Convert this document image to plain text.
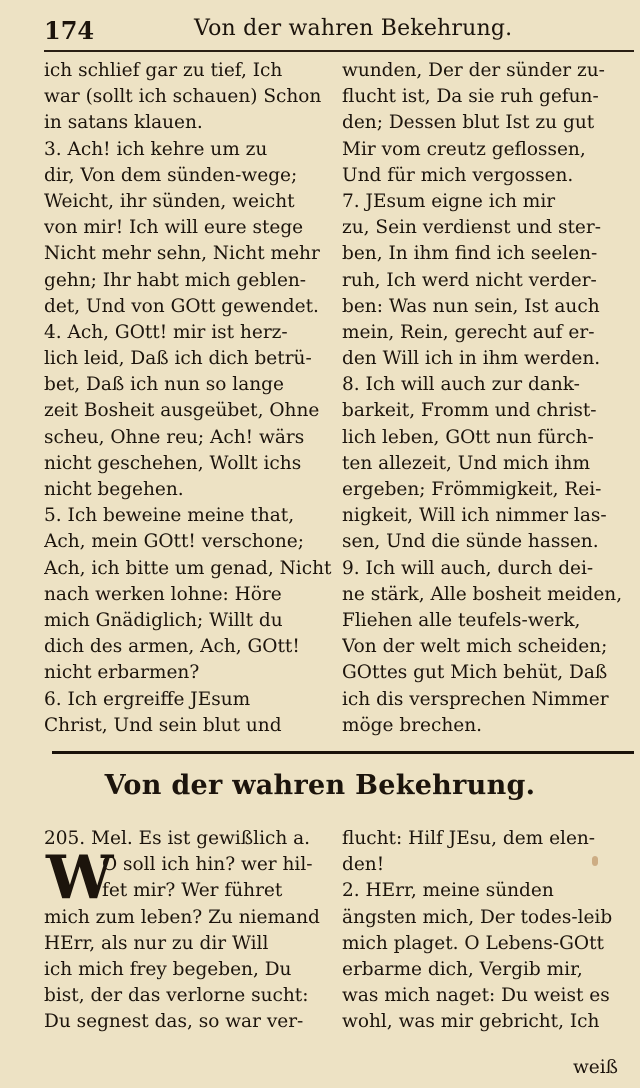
174	Von der wahren Bekehrung.
ich schlief gar zu tief, Ich
war (sollt ich schauen) Schon
in satans klauen.
3. Ach! ich kehre um zu
dir, Von dem sünden-wege;
Weicht, ihr sünden, weicht
von mir! Ich will eure stege
Nicht mehr sehn, Nicht mehr
gehn; Ihr habt mich geblen-
det, Und von GOtt gewendet.
4. Ach, GOtt! mir ist herz-
lich leid, Daß ich dich betrü-
bet, Daß ich nun so lange
zeit Bosheit ausgeübet, Ohne
scheu, Ohne reu; Ach! wärs
nicht geschehen, Wollt ichs
nicht begehen.
5. Ich beweine meine that,
Ach, mein GOtt! verschone;
Ach, ich bitte um genad, Nicht
nach werken lohne: Höre
mich Gnädiglich; Willt du
dich des armen, Ach, GOtt!
nicht erbarmen?
6. Ich ergreiffe JEsum
Christ, Und sein blut und
wunden, Der der sünder zu-
flucht ist, Da sie ruh gefun-
den; Dessen blut Ist zu gut
Mir vom creutz geflossen,
Und für mich vergossen.
7. JEsum eigne ich mir
zu, Sein verdienst und ster-
ben, In ihm find ich seelen-
ruh, Ich werd nicht verder-
ben: Was nun sein, Ist auch
mein, Rein, gerecht auf er-
den Will ich in ihm werden.
8. Ich will auch zur dank-
barkeit, Fromm und christ-
lich leben, GOtt nun fürch-
ten allezeit, Und mich ihm
ergeben; Frömmigkeit, Rei-
nigkeit, Will ich nimmer las-
sen, Und die sünde hassen.
9. Ich will auch, durch dei-
ne stärk, Alle bosheit meiden,
Fliehen alle teufels-werk,
Von der welt mich scheiden;
GOttes gut Mich behüt, Daß
ich dis versprechen Nimmer
möge brechen.
Von der wahren Bekehrung.
205. Mel. Es ist gewißlich a.
W
O soll ich hin? wer hil-
fet mir? Wer führet
mich zum leben? Zu niemand
HErr, als nur zu dir Will
ich mich frey begeben, Du
bist, der das verlorne sucht:
Du segnest das, so war ver-
flucht: Hilf JEsu, dem elen-
den!
2. HErr, meine sünden
ängsten mich, Der todes-leib
mich plaget. O Lebens-GOtt
erbarme dich, Vergib mir,
was mich naget: Du weist es
wohl, was mir gebricht, Ich
weiß
